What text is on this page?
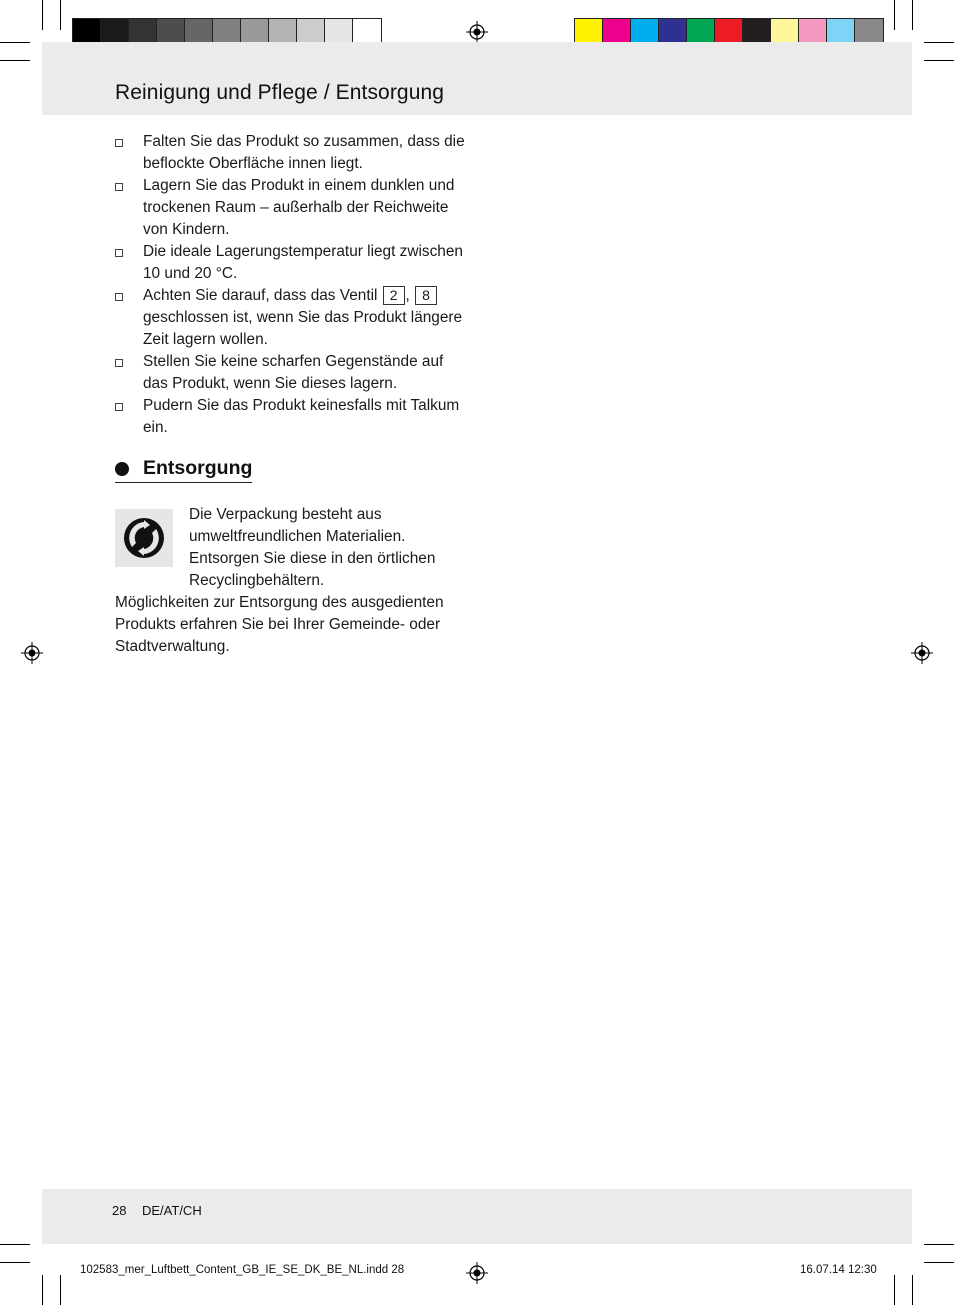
Reinigung und Pflege / Entsorgung
Falten Sie das Produkt so zusammen, dass die beflockte Oberfläche innen liegt.
Lagern Sie das Produkt in einem dunklen und trockenen Raum – außerhalb der Reichweite von Kindern.
Die ideale Lagerungstemperatur liegt zwischen 10 und 20 °C.
Achten Sie darauf, dass das Ventil 2 , 8 geschlossen ist, wenn Sie das Produkt längere Zeit lagern wollen.
Stellen Sie keine scharfen Gegenstände auf das Produkt, wenn Sie dieses lagern.
Pudern Sie das Produkt keinesfalls mit Talkum ein.
Entsorgung

Die Verpackung besteht aus umweltfreundlichen Materialien. Entsorgen Sie diese in den örtlichen Recyclingbehältern.

Möglichkeiten zur Entsorgung des ausgedienten Produkts erfahren Sie bei Ihrer Gemeinde- oder Stadtverwaltung.

28 DE/AT/CH
102583_mer_Luftbett_Content_GB_IE_SE_DK_BE_NL.indd 28	16.07.14 12:30
